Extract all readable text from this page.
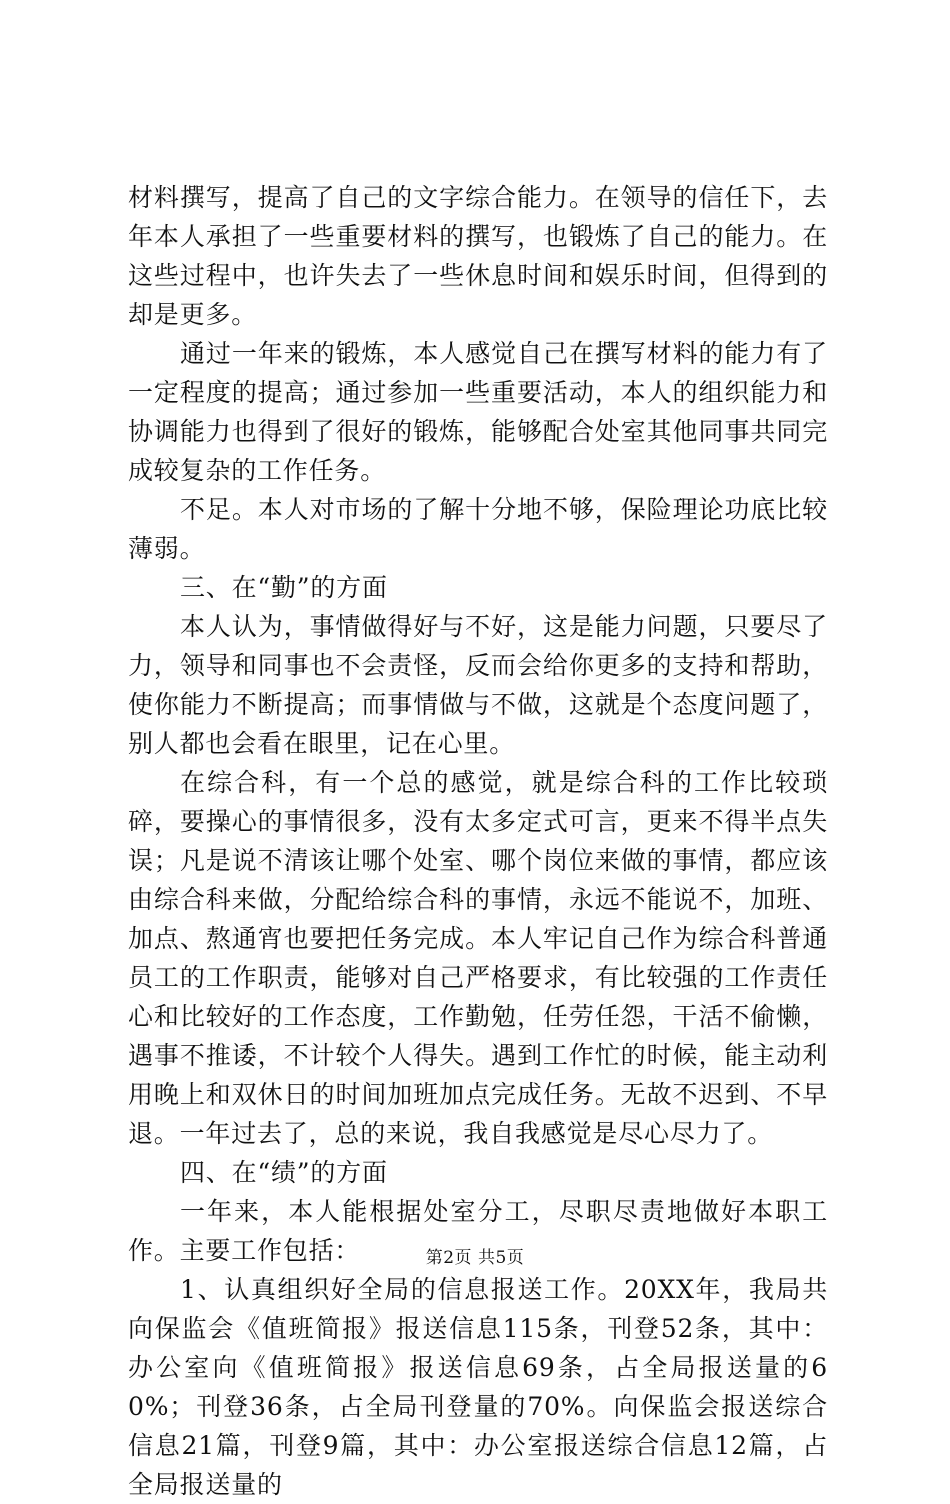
材料撰写，提高了自己的文字综合能力。在领导的信任下，去年本人承担了一些重要材料的撰写，也锻炼了自己的能力。在这些过程中，也许失去了一些休息时间和娱乐时间，但得到的却是更多。

通过一年来的锻炼，本人感觉自己在撰写材料的能力有了一定程度的提高；通过参加一些重要活动，本人的组织能力和协调能力也得到了很好的锻炼，能够配合处室其他同事共同完成较复杂的工作任务。

不足。本人对市场的了解十分地不够，保险理论功底比较薄弱。

三、在“勤”的方面

本人认为，事情做得好与不好，这是能力问题，只要尽了力，领导和同事也不会责怪，反而会给你更多的支持和帮助，使你能力不断提高；而事情做与不做，这就是个态度问题了，别人都也会看在眼里，记在心里。

在综合科，有一个总的感觉，就是综合科的工作比较琐碎，要操心的事情很多，没有太多定式可言，更来不得半点失误；凡是说不清该让哪个处室、哪个岗位来做的事情，都应该由综合科来做，分配给综合科的事情，永远不能说不，加班、加点、熬通宵也要把任务完成。本人牢记自己作为综合科普通员工的工作职责，能够对自己严格要求，有比较强的工作责任心和比较好的工作态度，工作勤勉，任劳任怨，干活不偷懒，遇事不推诿，不计较个人得失。遇到工作忙的时候，能主动利用晚上和双休日的时间加班加点完成任务。无故不迟到、不早退。一年过去了，总的来说，我自我感觉是尽心尽力了。

四、在“绩”的方面

一年来，本人能根据处室分工，尽职尽责地做好本职工作。主要工作包括：

1、认真组织好全局的信息报送工作。20XX年，我局共向保监会《值班简报》报送信息115条，刊登52条，其中：办公室向《值班简报》报送信息69条，占全局报送量的60%；刊登36条，占全局刊登量的70%。向保监会报送综合信息21篇，刊登9篇，其中：办公室报送综合信息12篇，占全局报送量的

第2页 共5页
